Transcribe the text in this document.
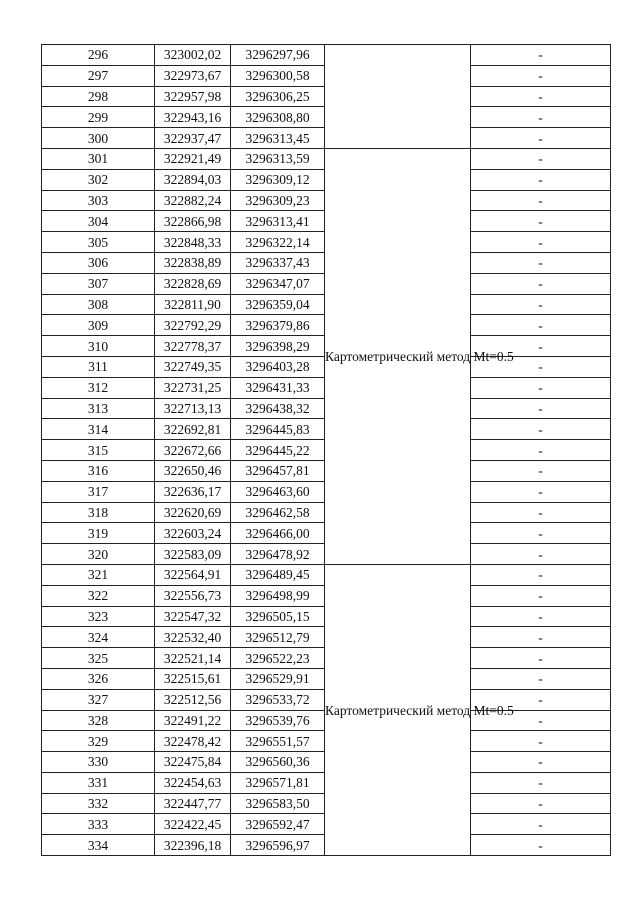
296	323002,02	3296297,96		-
297	322973,67	3296300,58		-
298	322957,98	3296306,25		-
299	322943,16	3296308,80		-
300	322937,47	3296313,45		-
301	322921,49	3296313,59	Картометрический метод Mt=0.5	-
302	322894,03	3296309,12		-
303	322882,24	3296309,23		-
304	322866,98	3296313,41		-
305	322848,33	3296322,14		-
306	322838,89	3296337,43		-
307	322828,69	3296347,07		-
308	322811,90	3296359,04		-
309	322792,29	3296379,86		-
310	322778,37	3296398,29		-
311	322749,35	3296403,28		-
312	322731,25	3296431,33		-
313	322713,13	3296438,32		-
314	322692,81	3296445,83		-
315	322672,66	3296445,22		-
316	322650,46	3296457,81		-
317	322636,17	3296463,60		-
318	322620,69	3296462,58		-
319	322603,24	3296466,00		-
320	322583,09	3296478,92		-
321	322564,91	3296489,45	Картометрический метод Mt=0.5	-
322	322556,73	3296498,99		-
323	322547,32	3296505,15		-
324	322532,40	3296512,79		-
325	322521,14	3296522,23		-
326	322515,61	3296529,91		-
327	322512,56	3296533,72		-
328	322491,22	3296539,76		-
329	322478,42	3296551,57		-
330	322475,84	3296560,36		-
331	322454,63	3296571,81		-
332	322447,77	3296583,50		-
333	322422,45	3296592,47		-
334	322396,18	3296596,97		-
